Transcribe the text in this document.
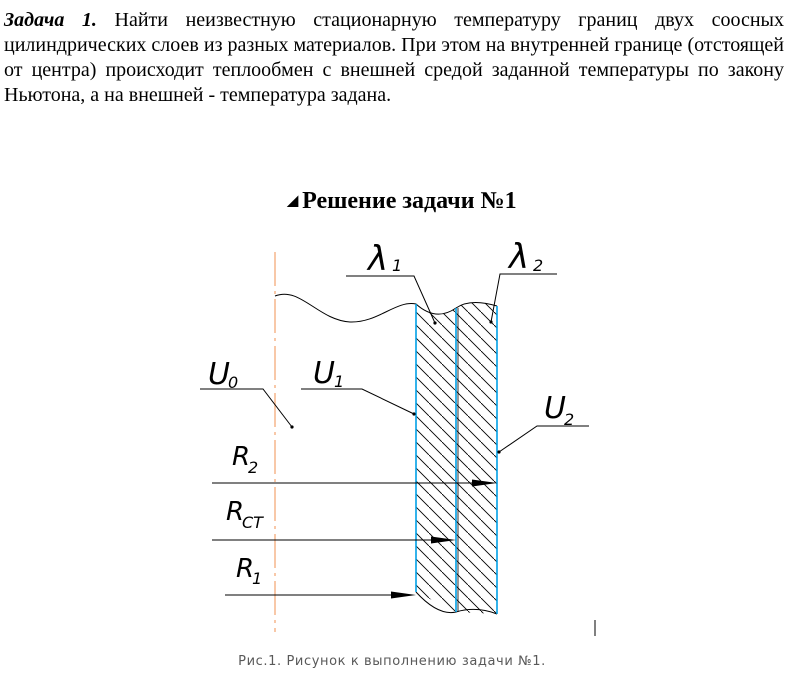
Задача 1. Найти неизвестную стационарную температуру границ двух соосных цилиндрических слоев из разных материалов. При этом на внутренней границе (отстоящей от центра) происходит теплообмен с внешней средой заданной температуры по закону Ньютона, а на внешней - температура задана.

◢ Решение задачи №1
λ 1	λ 2
U
0 U 1
U
2
R
2
R
CT
R
1
Рис.1. Рисунок к выполнению задачи №1.
